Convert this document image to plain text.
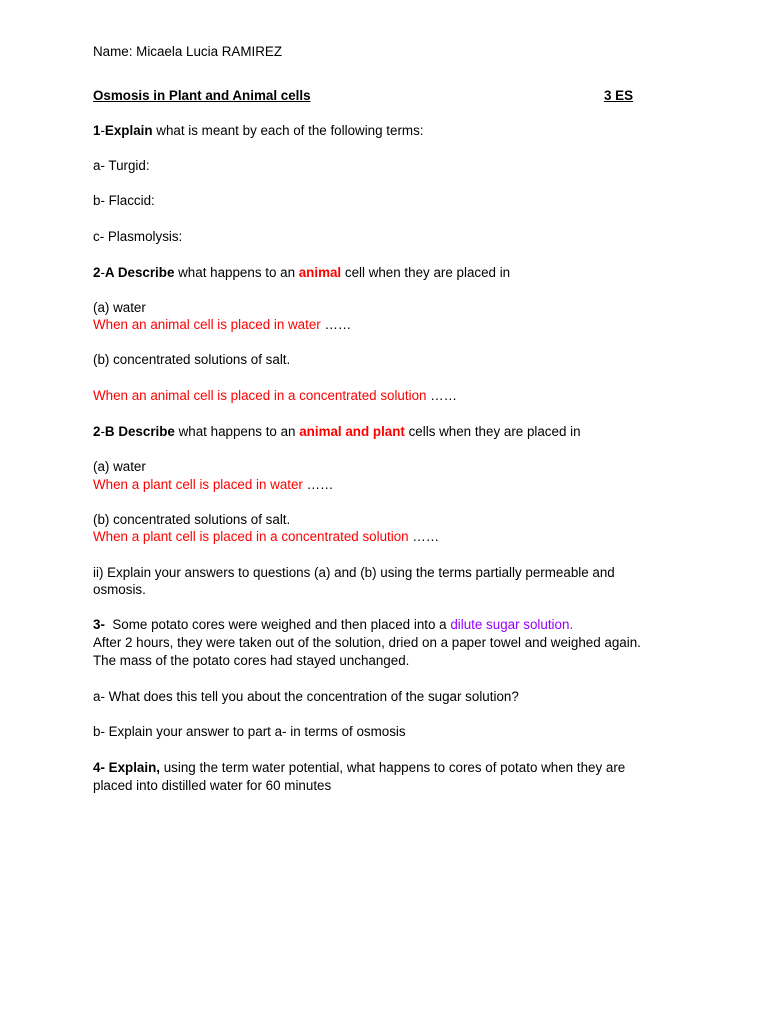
Name: Micaela Lucia RAMIREZ
Osmosis in Plant and Animal cells	3 ES
1-Explain what is meant by each of the following terms:
a- Turgid:
b- Flaccid:
c- Plasmolysis:
2-A Describe what happens to an animal cell when they are placed in
(a) water
When an animal cell is placed in water ……
(b) concentrated solutions of salt.
When an animal cell is placed in a concentrated solution ……
2-B Describe what happens to an animal and plant cells when they are placed in
(a) water
When a plant cell is placed in water ……
(b) concentrated solutions of salt.
When a plant cell is placed in a concentrated solution ……
ii) Explain your answers to questions (a) and (b) using the terms partially permeable and
osmosis.
3-  Some potato cores were weighed and then placed into a dilute sugar solution.
After 2 hours, they were taken out of the solution, dried on a paper towel and weighed again.
The mass of the potato cores had stayed unchanged.
a- What does this tell you about the concentration of the sugar solution?
b- Explain your answer to part a- in terms of osmosis
4- Explain, using the term water potential, what happens to cores of potato when they are
placed into distilled water for 60 minutes
